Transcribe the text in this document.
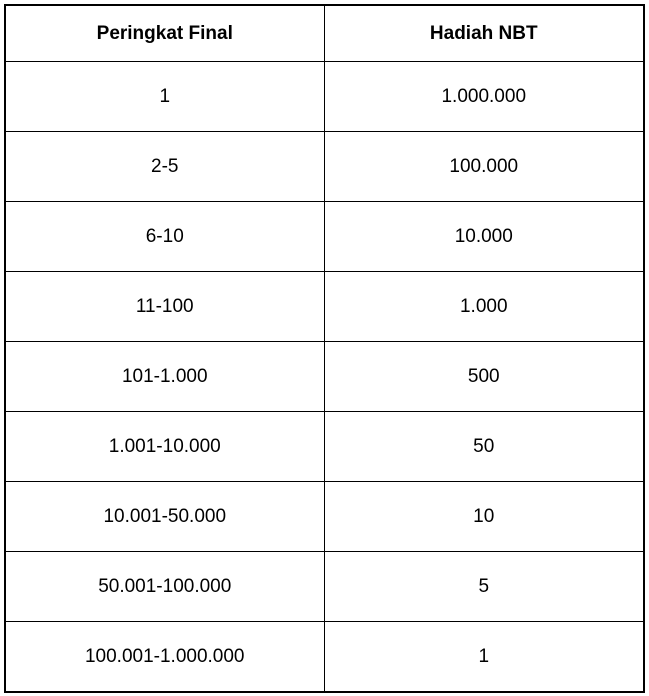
Peringkat Final	Hadiah NBT
1	1.000.000
2-5	100.000
6-10	10.000
11-100	1.000
101-1.000	500
1.001-10.000	50
10.001-50.000	10
50.001-100.000	5
100.001-1.000.000	1
